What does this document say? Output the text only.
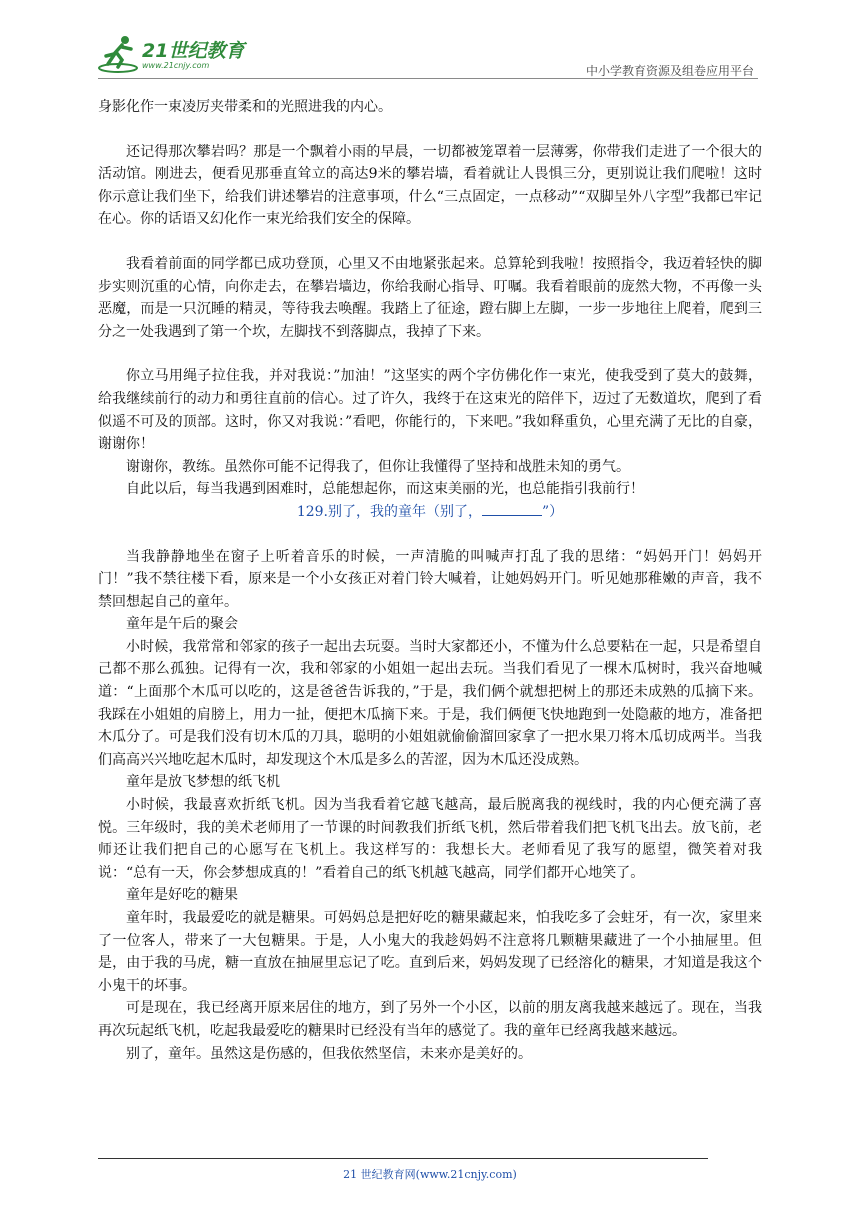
21世纪教育
www.21cnjy.com	中小学教育资源及组卷应用平台

身影化作一束凌厉夹带柔和的光照进我的内心。

还记得那次攀岩吗？那是一个飘着小雨的早晨，一切都被笼罩着一层薄雾，你带我们走进了一个很大的活动馆。刚进去，便看见那垂直耸立的高达9米的攀岩墙，看着就让人畏惧三分，更别说让我们爬啦！这时你示意让我们坐下，给我们讲述攀岩的注意事项，什么“三点固定，一点移动”“双脚呈外八字型”我都已牢记在心。你的话语又幻化作一束光给我们安全的保障。

我看着前面的同学都已成功登顶，心里又不由地紧张起来。总算轮到我啦！按照指令，我迈着轻快的脚步实则沉重的心情，向你走去，在攀岩墙边，你给我耐心指导、叮嘱。我看着眼前的庞然大物，不再像一头恶魔，而是一只沉睡的精灵，等待我去唤醒。我踏上了征途，蹬右脚上左脚，一步一步地往上爬着，爬到三分之一处我遇到了第一个坎，左脚找不到落脚点，我掉了下来。

你立马用绳子拉住我，并对我说：”加油！”这坚实的两个字仿佛化作一束光，使我受到了莫大的鼓舞，给我继续前行的动力和勇往直前的信心。过了许久，我终于在这束光的陪伴下，迈过了无数道坎，爬到了看似遥不可及的顶部。这时，你又对我说：”看吧，你能行的，下来吧。”我如释重负，心里充满了无比的自豪，谢谢你！

谢谢你，教练。虽然你可能不记得我了，但你让我懂得了坚持和战胜未知的勇气。

自此以后，每当我遇到困难时，总能想起你，而这束美丽的光，也总能指引我前行！

129.别了，我的童年（别了，	”）

当我静静地坐在窗子上听着音乐的时候，一声清脆的叫喊声打乱了我的思绪：“妈妈开门！妈妈开门！”我不禁往楼下看，原来是一个小女孩正对着门铃大喊着，让她妈妈开门。听见她那稚嫩的声音，我不禁回想起自己的童年。

童年是午后的聚会

小时候，我常常和邻家的孩子一起出去玩耍。当时大家都还小，不懂为什么总要粘在一起，只是希望自己都不那么孤独。记得有一次，我和邻家的小姐姐一起出去玩。当我们看见了一棵木瓜树时，我兴奋地喊道：“上面那个木瓜可以吃的，这是爸爸告诉我的，”于是，我们俩个就想把树上的那还未成熟的瓜摘下来。我踩在小姐姐的肩膀上，用力一扯，便把木瓜摘下来。于是，我们俩便飞快地跑到一处隐蔽的地方，准备把木瓜分了。可是我们没有切木瓜的刀具，聪明的小姐姐就偷偷溜回家拿了一把水果刀将木瓜切成两半。当我们高高兴兴地吃起木瓜时，却发现这个木瓜是多么的苦涩，因为木瓜还没成熟。

童年是放飞梦想的纸飞机

小时候，我最喜欢折纸飞机。因为当我看着它越飞越高，最后脱离我的视线时，我的内心便充满了喜悦。三年级时，我的美术老师用了一节课的时间教我们折纸飞机，然后带着我们把飞机飞出去。放飞前，老师还让我们把自己的心愿写在飞机上。我这样写的：我想长大。老师看见了我写的愿望，微笑着对我说：“总有一天，你会梦想成真的！”看着自己的纸飞机越飞越高，同学们都开心地笑了。

童年是好吃的糖果

童年时，我最爱吃的就是糖果。可妈妈总是把好吃的糖果藏起来，怕我吃多了会蛀牙，有一次，家里来了一位客人，带来了一大包糖果。于是，人小鬼大的我趁妈妈不注意将几颗糖果藏进了一个小抽屉里。但是，由于我的马虎，糖一直放在抽屉里忘记了吃。直到后来，妈妈发现了已经溶化的糖果，才知道是我这个小鬼干的坏事。

可是现在，我已经离开原来居住的地方，到了另外一个小区，以前的朋友离我越来越远了。现在，当我再次玩起纸飞机，吃起我最爱吃的糖果时已经没有当年的感觉了。我的童年已经离我越来越远。

别了，童年。虽然这是伤感的，但我依然坚信，未来亦是美好的。

21 世纪教育网(www.21cnjy.com)
